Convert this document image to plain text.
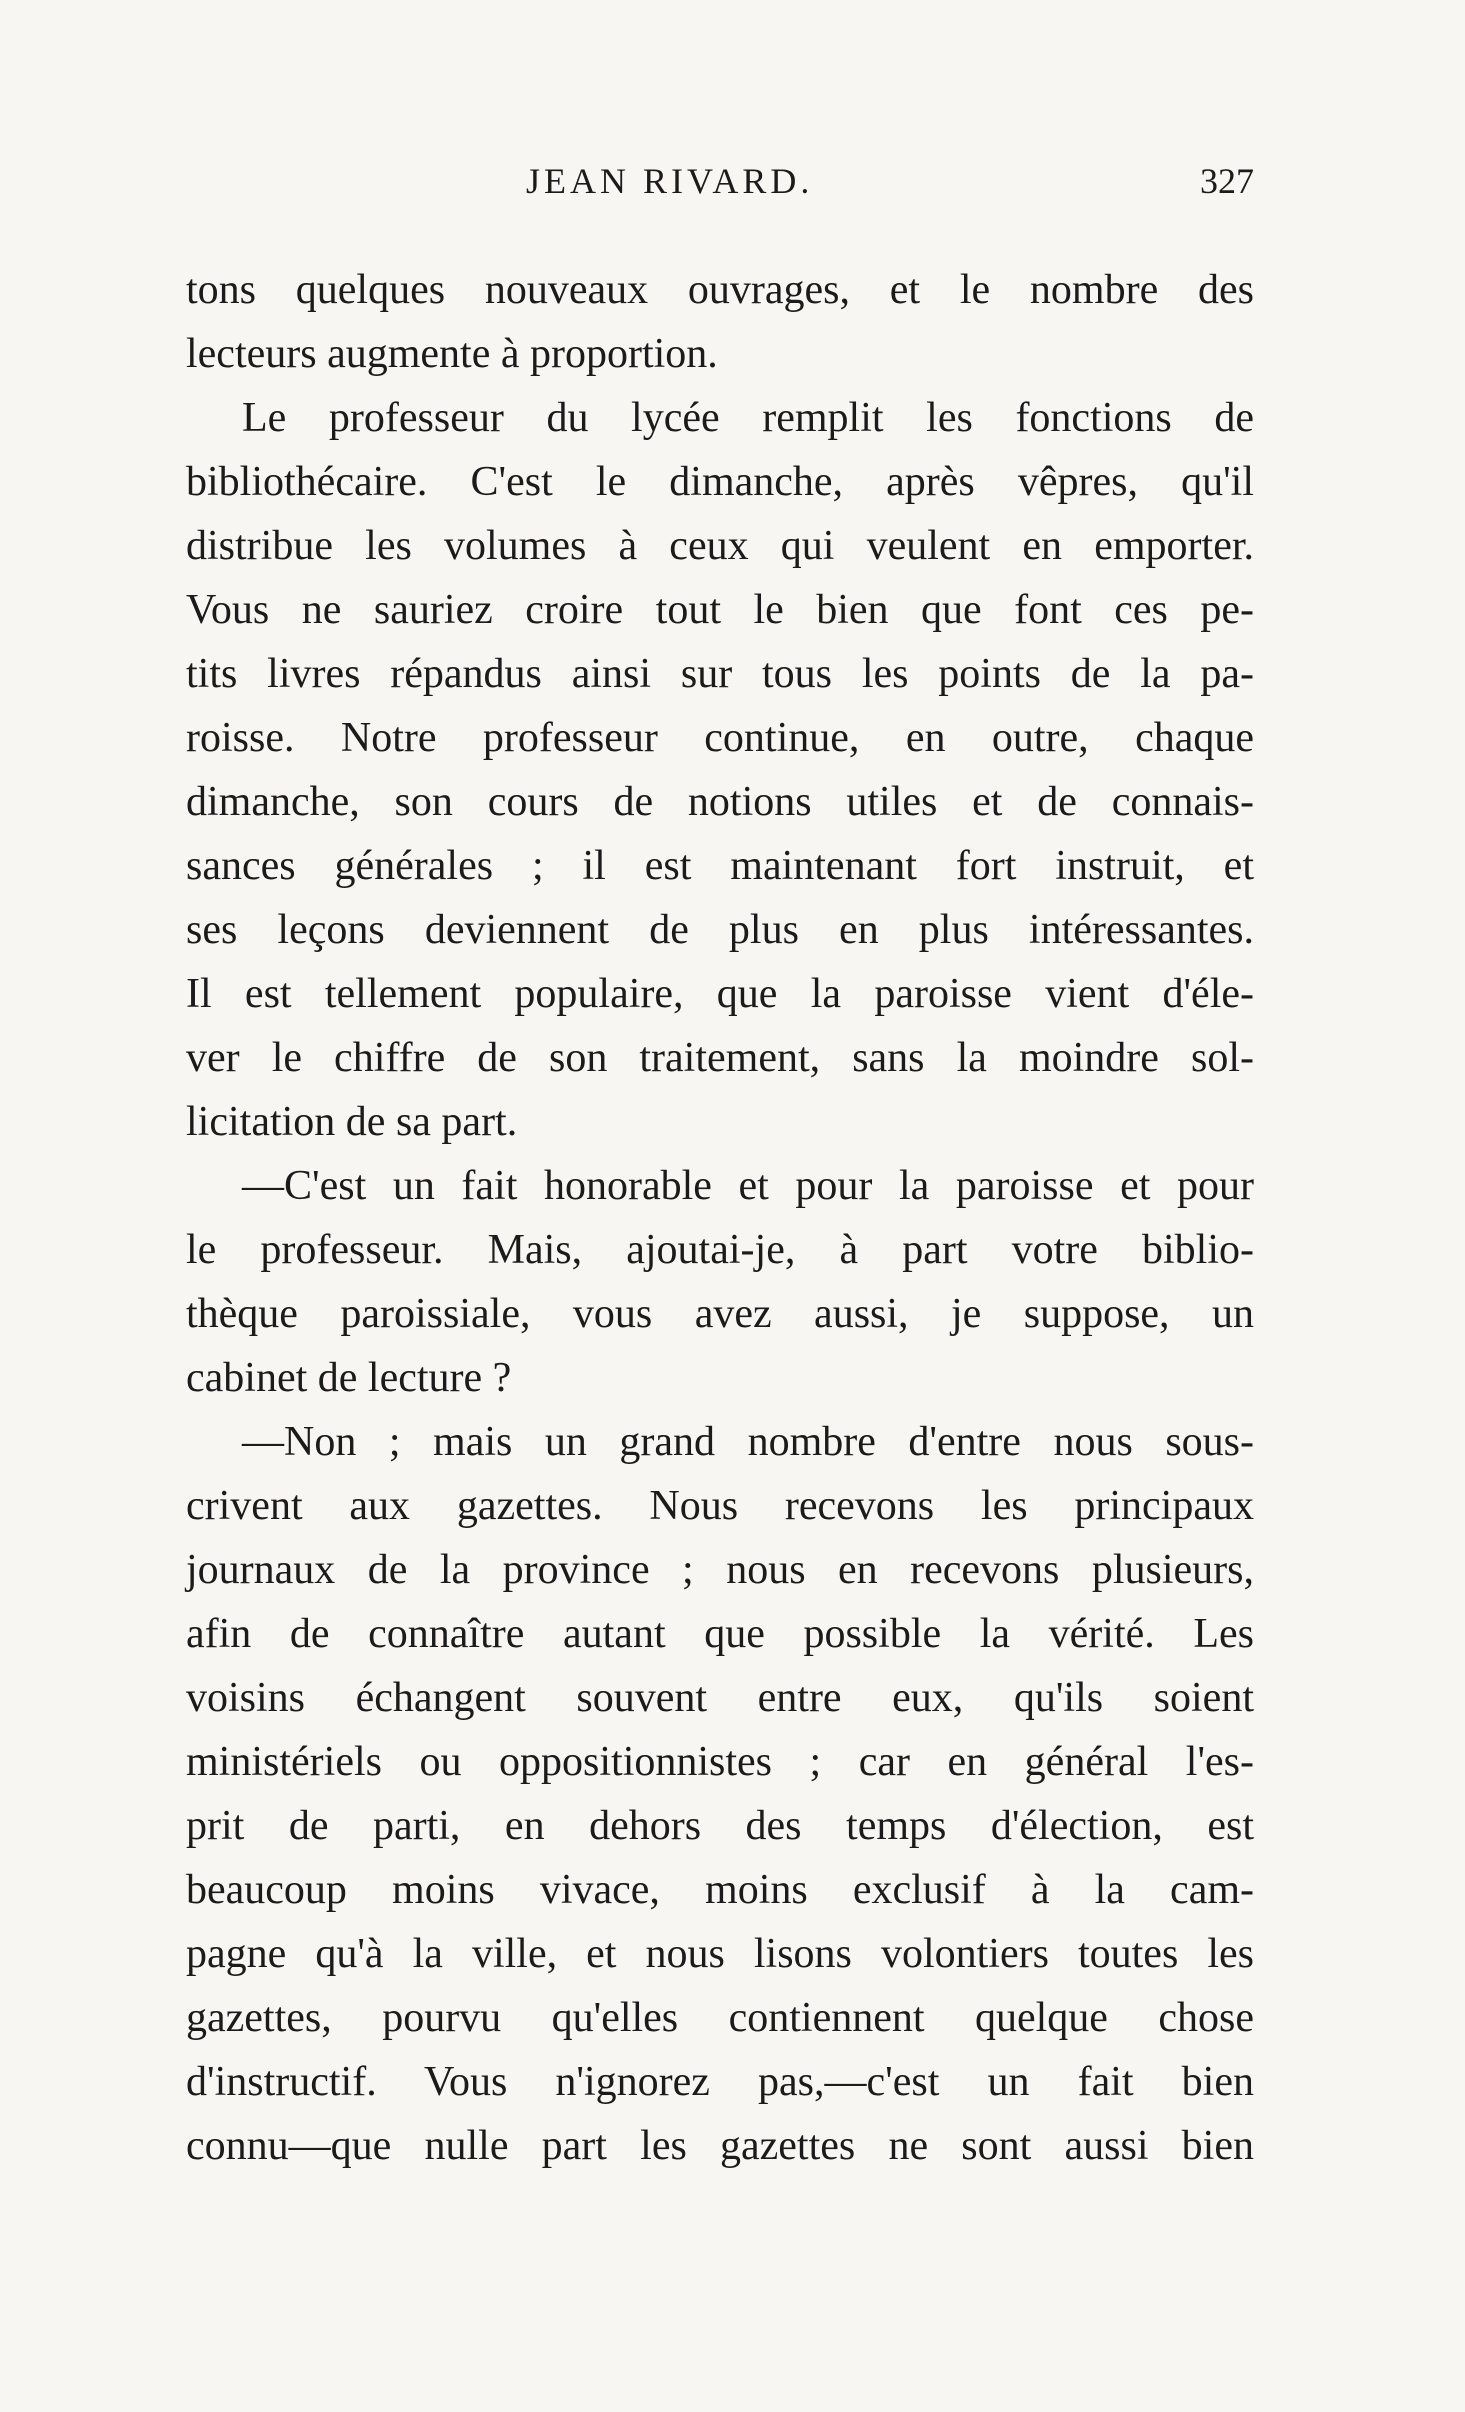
JEAN RIVARD.	327
tons quelques nouveaux ouvrages, et le nombre des
lecteurs augmente à proportion.
Le professeur du lycée remplit les fonctions de
bibliothécaire. C'est le dimanche, après vêpres, qu'il
distribue les volumes à ceux qui veulent en emporter.
Vous ne sauriez croire tout le bien que font ces pe-
tits livres répandus ainsi sur tous les points de la pa-
roisse. Notre professeur continue, en outre, chaque
dimanche, son cours de notions utiles et de connais-
sances générales ; il est maintenant fort instruit, et
ses leçons deviennent de plus en plus intéressantes.
Il est tellement populaire, que la paroisse vient d'éle-
ver le chiffre de son traitement, sans la moindre sol-
licitation de sa part.
—C'est un fait honorable et pour la paroisse et pour
le professeur. Mais, ajoutai-je, à part votre biblio-
thèque paroissiale, vous avez aussi, je suppose, un
cabinet de lecture ?
—Non ; mais un grand nombre d'entre nous sous-
crivent aux gazettes. Nous recevons les principaux
journaux de la province ; nous en recevons plusieurs,
afin de connaître autant que possible la vérité. Les
voisins échangent souvent entre eux, qu'ils soient
ministériels ou oppositionnistes ; car en général l'es-
prit de parti, en dehors des temps d'élection, est
beaucoup moins vivace, moins exclusif à la cam-
pagne qu'à la ville, et nous lisons volontiers toutes les
gazettes, pourvu qu'elles contiennent quelque chose
d'instructif. Vous n'ignorez pas,—c'est un fait bien
connu—que nulle part les gazettes ne sont aussi bien
